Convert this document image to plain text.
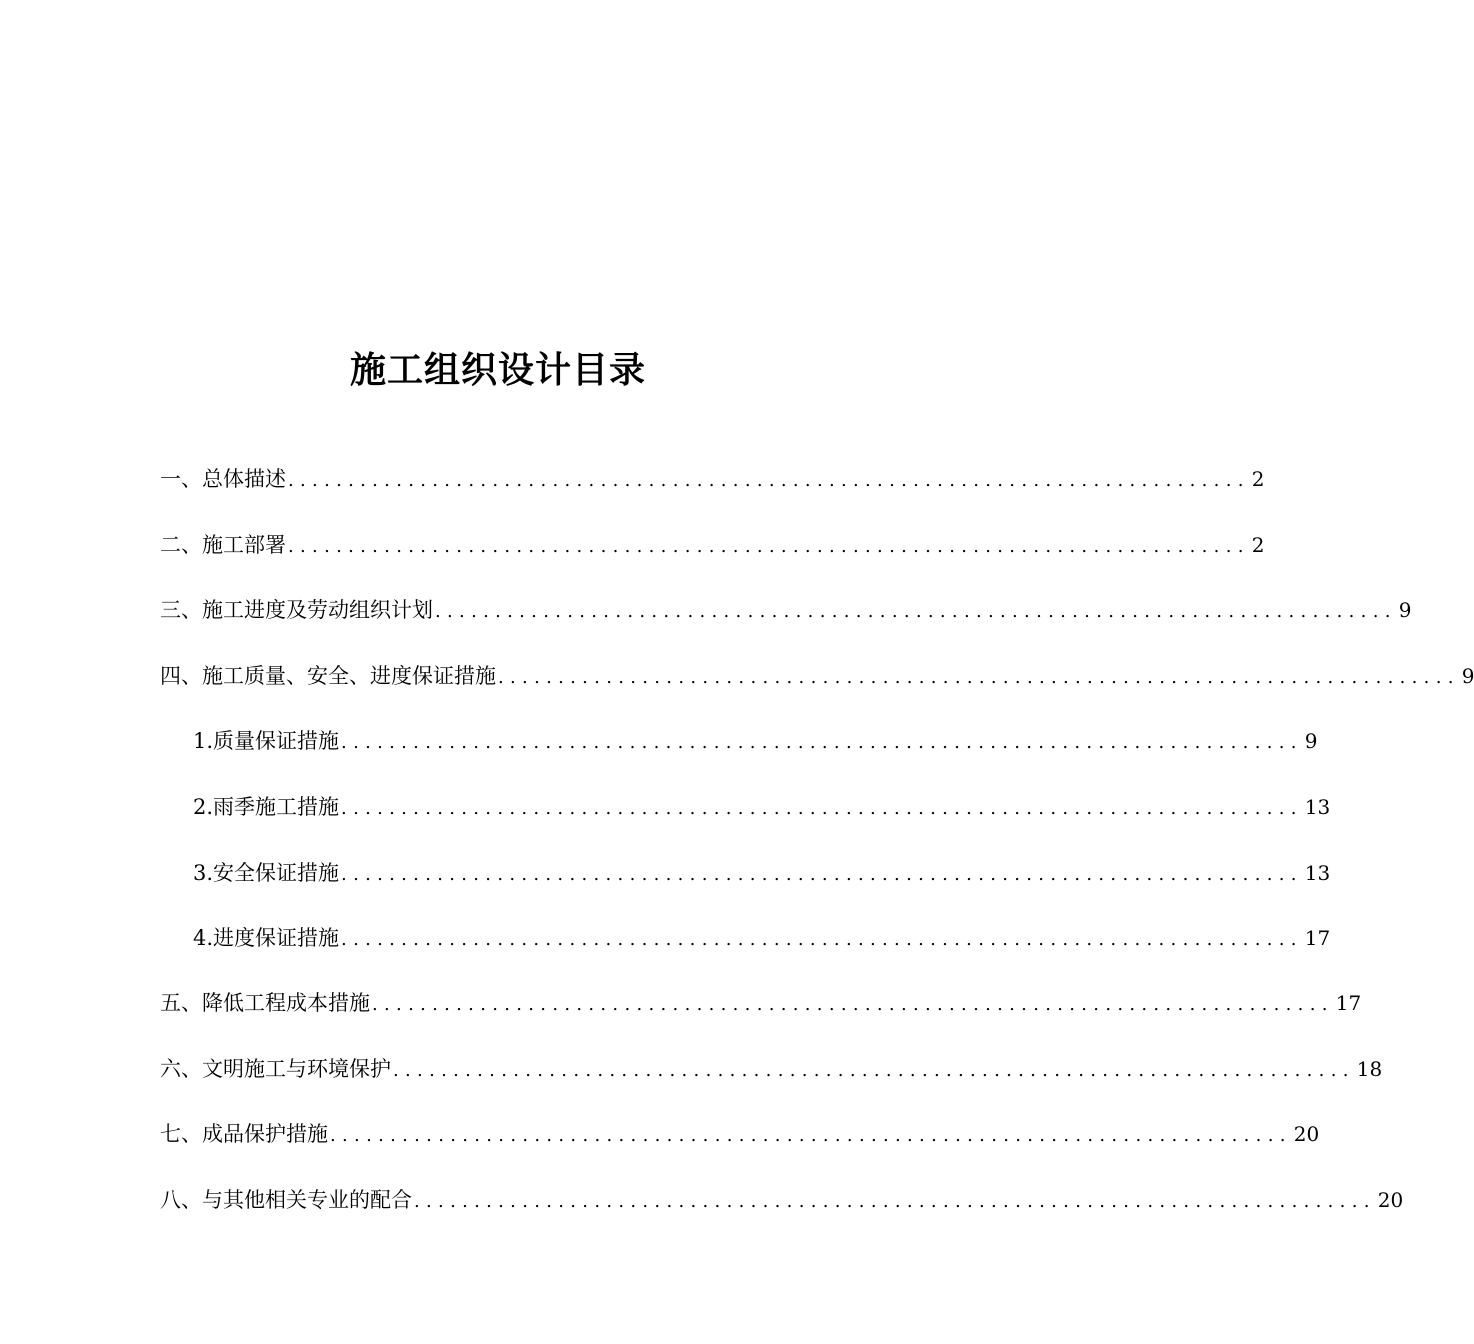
施工组织设计目录
一、总体描述 ................................................................................ 2
二、施工部署 ................................................................................ 2
三、施工进度及劳动组织计划 ................................................................................ 9
四、施工质量、安全、进度保证措施 ................................................................................ 9
1.质量保证措施 ................................................................................ 9
2.雨季施工措施 ................................................................................ 13
3.安全保证措施 ................................................................................ 13
4.进度保证措施 ................................................................................ 17
五、降低工程成本措施 ................................................................................ 17
六、文明施工与环境保护 ................................................................................ 18
七、成品保护措施 ................................................................................ 20
八、与其他相关专业的配合 ................................................................................ 20
